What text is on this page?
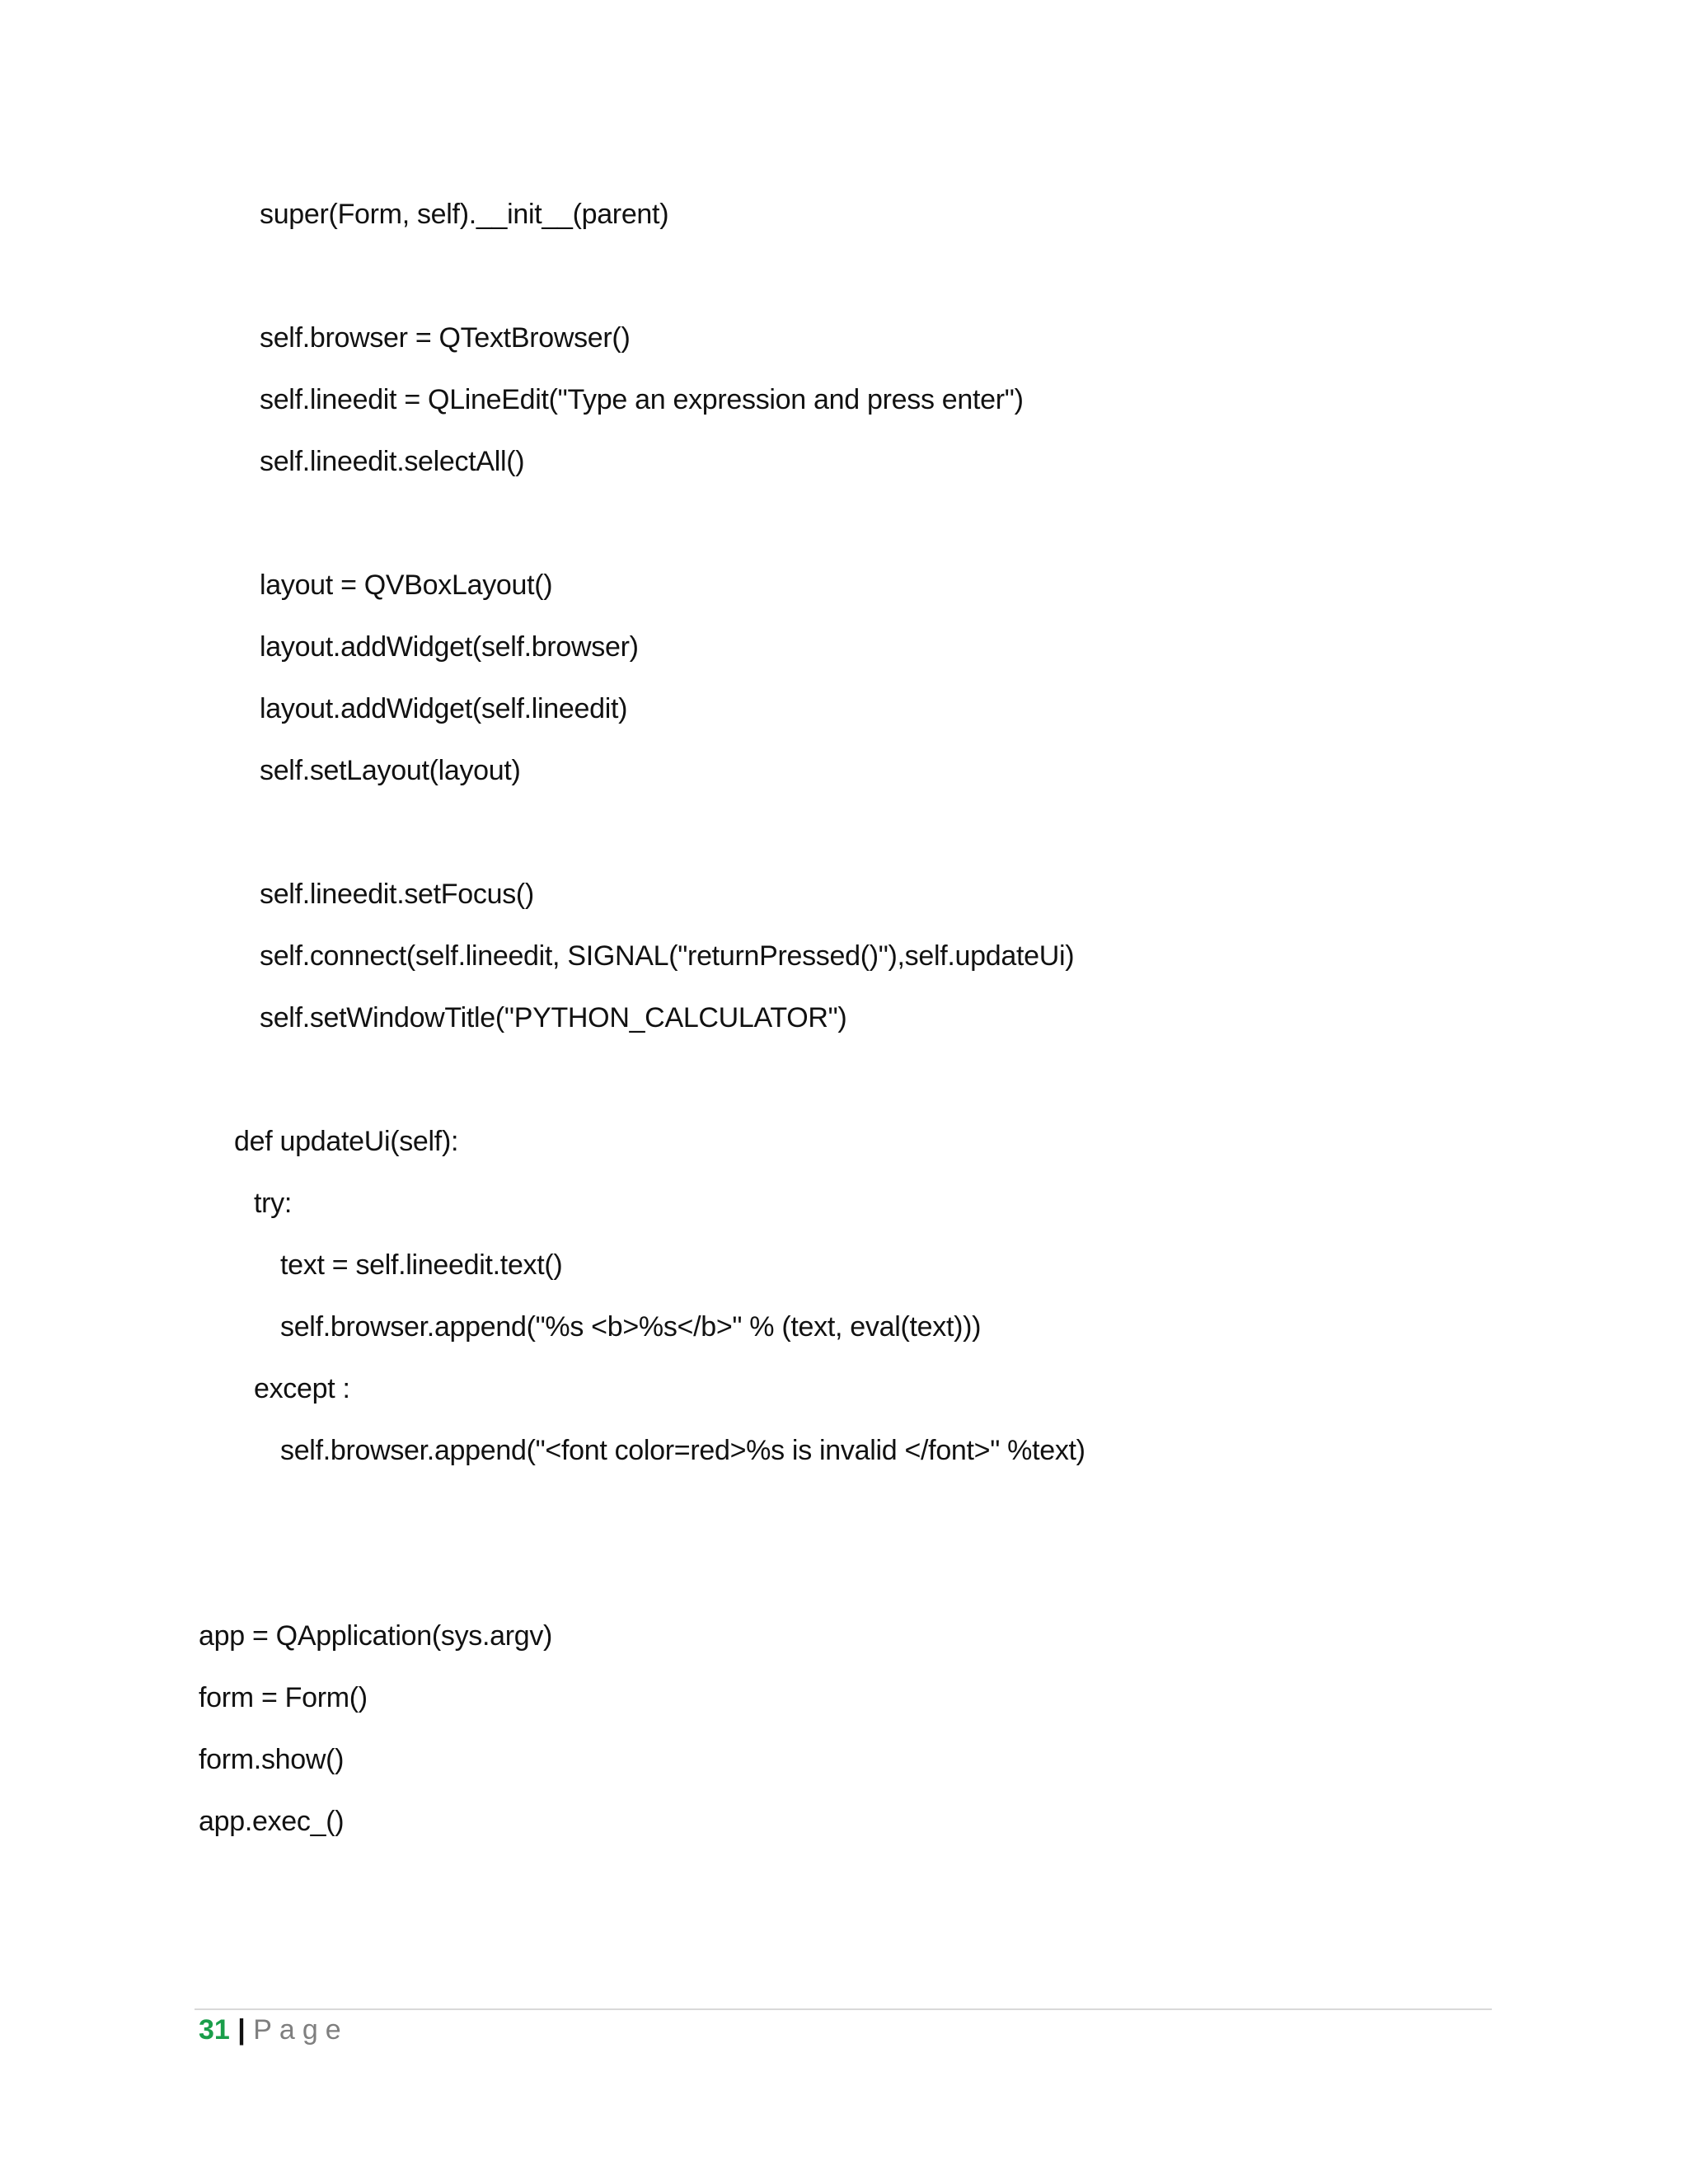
super(Form, self).__init__(parent)
self.browser = QTextBrowser()
self.lineedit = QLineEdit("Type an expression and press enter")
self.lineedit.selectAll()
layout = QVBoxLayout()
layout.addWidget(self.browser)
layout.addWidget(self.lineedit)
self.setLayout(layout)
self.lineedit.setFocus()
self.connect(self.lineedit, SIGNAL("returnPressed()"),self.updateUi)
self.setWindowTitle("PYTHON_CALCULATOR")
def updateUi(self):
try:
text = self.lineedit.text()
self.browser.append("%s <b>%s</b>" % (text, eval(text)))
except :
self.browser.append("<font color=red>%s is invalid </font>" %text)
app = QApplication(sys.argv)
form = Form()
form.show()
app.exec_()
31 | Page
